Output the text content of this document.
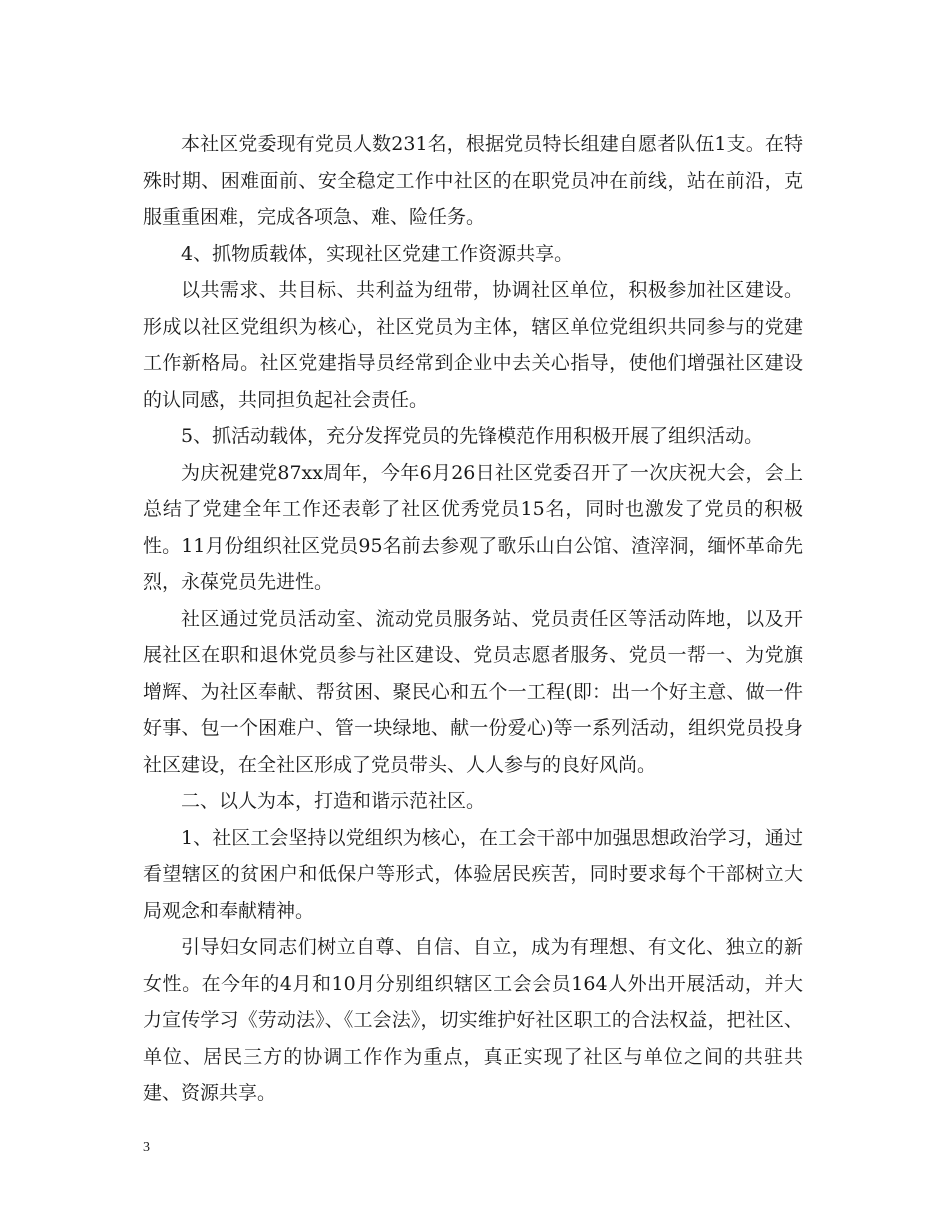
本社区党委现有党员人数231名，根据党员特长组建自愿者队伍1支。在特殊时期、困难面前、安全稳定工作中社区的在职党员冲在前线，站在前沿，克服重重困难，完成各项急、难、险任务。

4、抓物质载体，实现社区党建工作资源共享。

以共需求、共目标、共利益为纽带，协调社区单位，积极参加社区建设。形成以社区党组织为核心，社区党员为主体，辖区单位党组织共同参与的党建工作新格局。社区党建指导员经常到企业中去关心指导，使他们增强社区建设的认同感，共同担负起社会责任。

5、抓活动载体，充分发挥党员的先锋模范作用积极开展了组织活动。

为庆祝建党87xx周年，今年6月26日社区党委召开了一次庆祝大会，会上总结了党建全年工作还表彰了社区优秀党员15名，同时也激发了党员的积极性。11月份组织社区党员95名前去参观了歌乐山白公馆、渣滓洞，缅怀革命先烈，永葆党员先进性。

社区通过党员活动室、流动党员服务站、党员责任区等活动阵地，以及开展社区在职和退休党员参与社区建设、党员志愿者服务、党员一帮一、为党旗增辉、为社区奉献、帮贫困、聚民心和五个一工程(即：出一个好主意、做一件好事、包一个困难户、管一块绿地、献一份爱心)等一系列活动，组织党员投身社区建设，在全社区形成了党员带头、人人参与的良好风尚。

二、以人为本，打造和谐示范社区。

1、社区工会坚持以党组织为核心，在工会干部中加强思想政治学习，通过看望辖区的贫困户和低保户等形式，体验居民疾苦，同时要求每个干部树立大局观念和奉献精神。

引导妇女同志们树立自尊、自信、自立，成为有理想、有文化、独立的新女性。在今年的4月和10月分别组织辖区工会会员164人外出开展活动，并大力宣传学习《劳动法》、《工会法》，切实维护好社区职工的合法权益，把社区、单位、居民三方的协调工作作为重点，真正实现了社区与单位之间的共驻共建、资源共享。

3
